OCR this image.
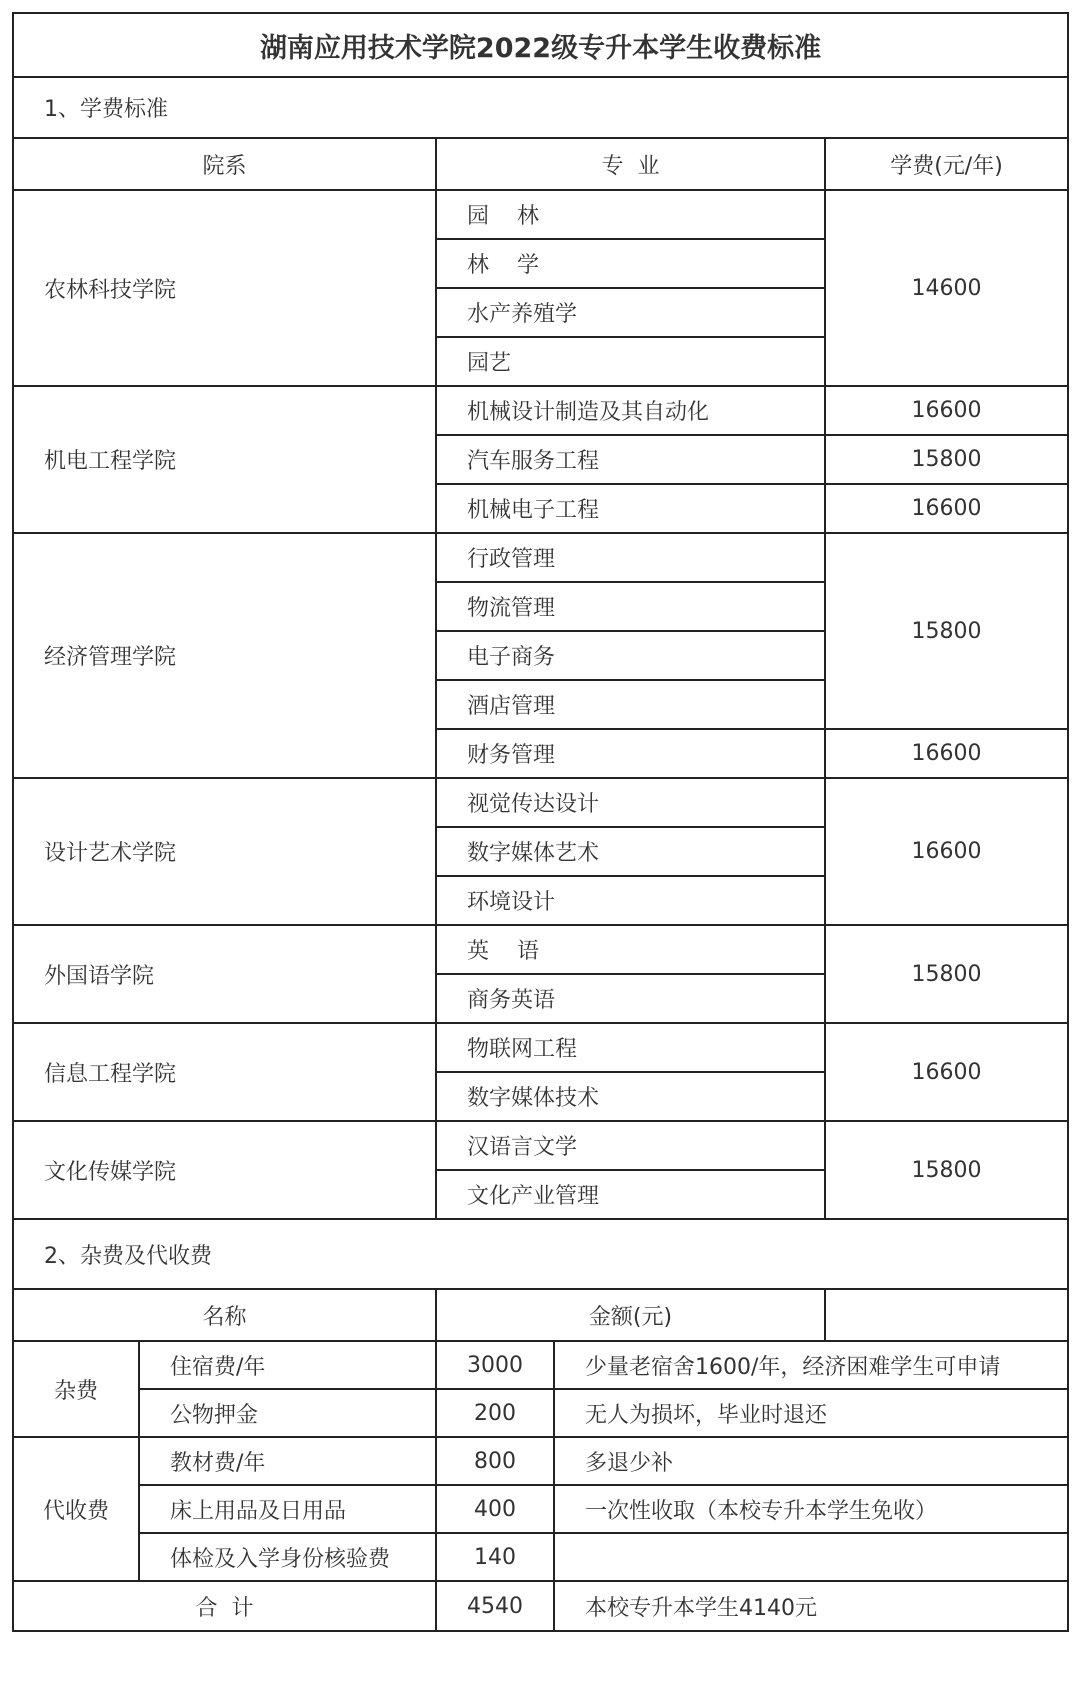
湖南应用技术学院2022级专升本学生收费标准				
1、学费标准				
院系		专  业		学费(元/年)
农林科技学院		园    林		14600
		林    学		
		水产养殖学		
		园艺		
机电工程学院		机械设计制造及其自动化		16600
		汽车服务工程		15800
		机械电子工程		16600
经济管理学院		行政管理		15800
		物流管理		
		电子商务		
		酒店管理		
		财务管理		16600
设计艺术学院		视觉传达设计		16600
		数字媒体艺术		
		环境设计		
外国语学院		英    语		15800
		商务英语		
信息工程学院		物联网工程		16600
		数字媒体技术		
文化传媒学院		汉语言文学		15800
		文化产业管理		
2、杂费及代收费				
名称		金额(元)		
杂费	住宿费/年	3000	少量老宿舍1600/年，经济困难学生可申请	
	公物押金	200	无人为损坏，毕业时退还	
代收费	教材费/年	800	多退少补	
	床上用品及日用品	400	一次性收取（本校专升本学生免收）	
	体检及入学身份核验费	140		
合  计		4540	本校专升本学生4140元	
